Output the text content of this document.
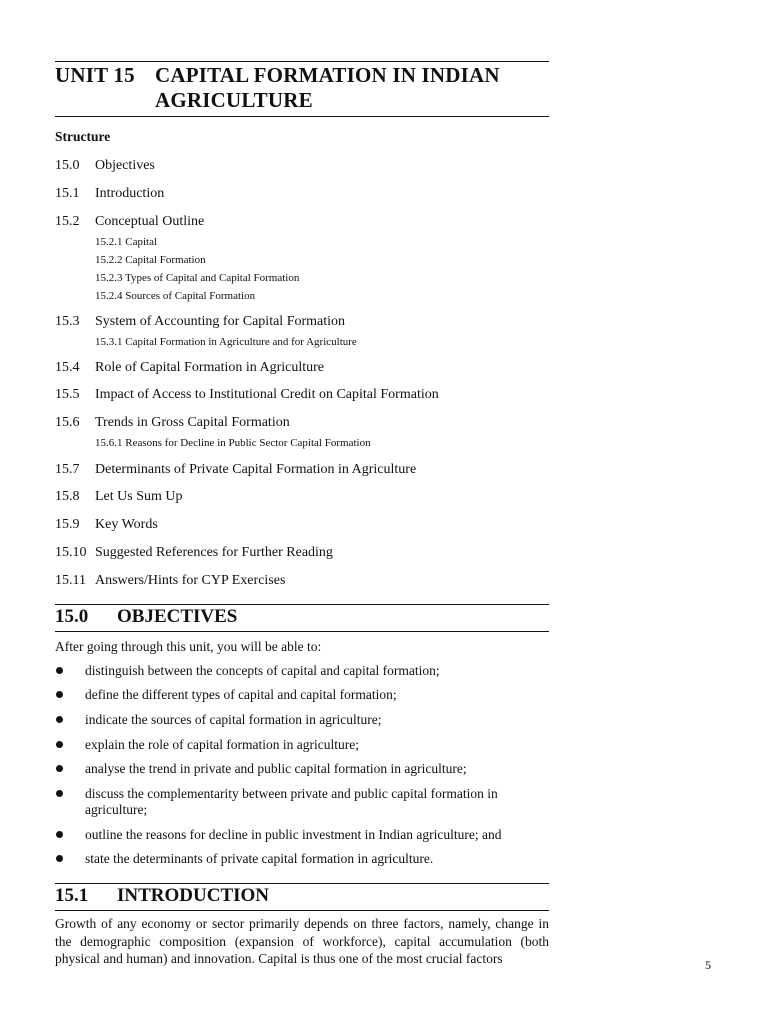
UNIT 15 CAPITAL FORMATION IN INDIAN
AGRICULTURE
Structure
15.0 Objectives
15.1 Introduction
15.2 Conceptual Outline
15.2.1 Capital
15.2.2 Capital Formation
15.2.3 Types of Capital and Capital Formation
15.2.4 Sources of Capital Formation
15.3 System of Accounting for Capital Formation
15.3.1 Capital Formation in Agriculture and for Agriculture
15.4 Role of Capital Formation in Agriculture
15.5 Impact of Access to Institutional Credit on Capital Formation
15.6 Trends in Gross Capital Formation
15.6.1 Reasons for Decline in Public Sector Capital Formation
15.7 Determinants of Private Capital Formation in Agriculture
15.8 Let Us Sum Up
15.9 Key Words
15.10 Suggested References for Further Reading
15.11 Answers/Hints for CYP Exercises
15.0 OBJECTIVES
After going through this unit, you will be able to:
distinguish between the concepts of capital and capital formation;
define the different types of capital and capital formation;
indicate the sources of capital formation in agriculture;
explain the role of capital formation in agriculture;
analyse the trend in private and public capital formation in agriculture;
discuss the complementarity between private and public capital formation in agriculture;
outline the reasons for decline in public investment in Indian agriculture; and
state the determinants of private capital formation in agriculture.
15.1 INTRODUCTION
Growth of any economy or sector primarily depends on three factors, namely, change in the demographic composition (expansion of workforce), capital accumulation (both physical and human) and innovation. Capital is thus one of the most crucial factors	5
